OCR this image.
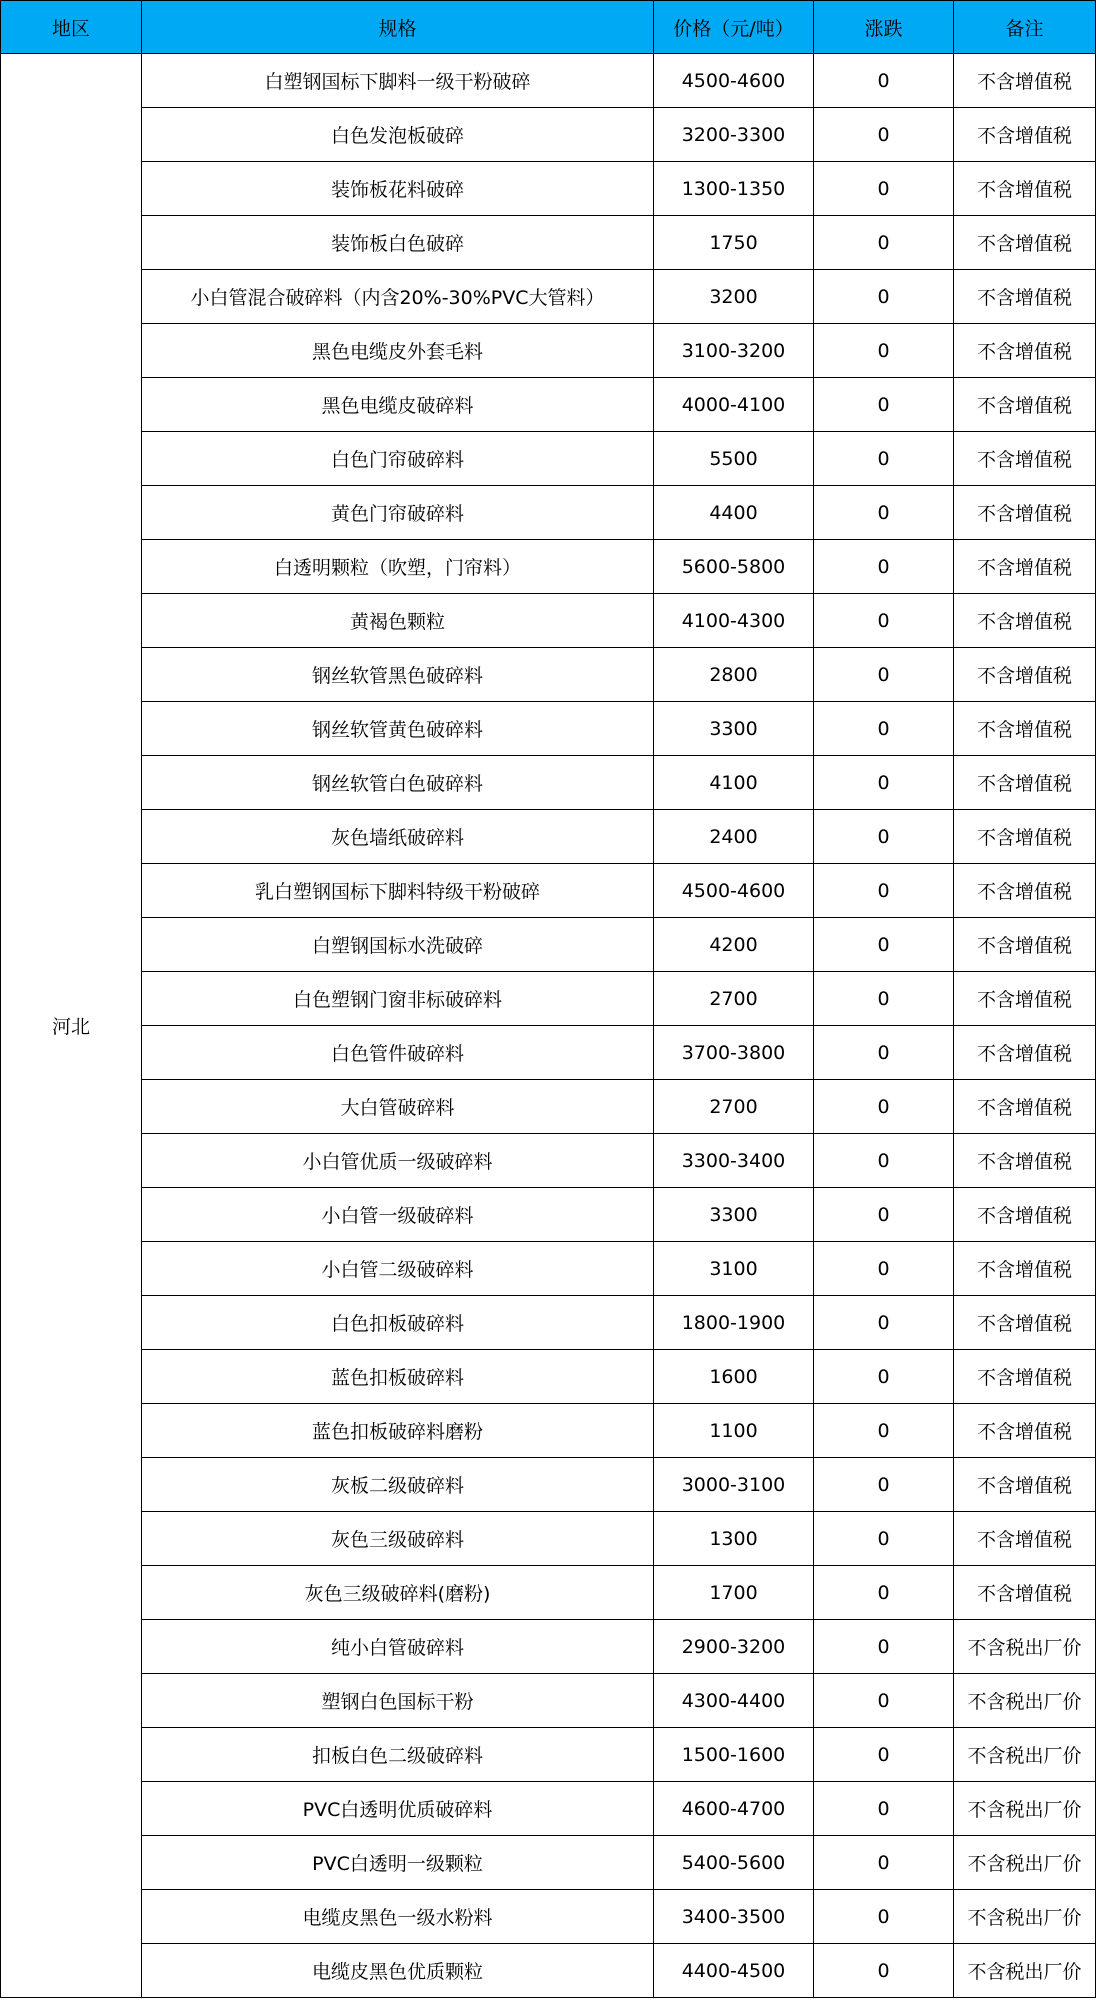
地区	规格	价格（元/吨）	涨跌	备注
河北	白塑钢国标下脚料一级干粉破碎	4500-4600	0	不含增值税
	白色发泡板破碎	3200-3300	0	不含增值税
	装饰板花料破碎	1300-1350	0	不含增值税
	装饰板白色破碎	1750	0	不含增值税
	小白管混合破碎料（内含20%-30%PVC大管料）	3200	0	不含增值税
	黑色电缆皮外套毛料	3100-3200	0	不含增值税
	黑色电缆皮破碎料	4000-4100	0	不含增值税
	白色门帘破碎料	5500	0	不含增值税
	黄色门帘破碎料	4400	0	不含增值税
	白透明颗粒（吹塑，门帘料）	5600-5800	0	不含增值税
	黄褐色颗粒	4100-4300	0	不含增值税
	钢丝软管黑色破碎料	2800	0	不含增值税
	钢丝软管黄色破碎料	3300	0	不含增值税
	钢丝软管白色破碎料	4100	0	不含增值税
	灰色墙纸破碎料	2400	0	不含增值税
	乳白塑钢国标下脚料特级干粉破碎	4500-4600	0	不含增值税
	白塑钢国标水洗破碎	4200	0	不含增值税
	白色塑钢门窗非标破碎料	2700	0	不含增值税
	白色管件破碎料	3700-3800	0	不含增值税
	大白管破碎料	2700	0	不含增值税
	小白管优质一级破碎料	3300-3400	0	不含增值税
	小白管一级破碎料	3300	0	不含增值税
	小白管二级破碎料	3100	0	不含增值税
	白色扣板破碎料	1800-1900	0	不含增值税
	蓝色扣板破碎料	1600	0	不含增值税
	蓝色扣板破碎料磨粉	1100	0	不含增值税
	灰板二级破碎料	3000-3100	0	不含增值税
	灰色三级破碎料	1300	0	不含增值税
	灰色三级破碎料(磨粉)	1700	0	不含增值税
	纯小白管破碎料	2900-3200	0	不含税出厂价
	塑钢白色国标干粉	4300-4400	0	不含税出厂价
	扣板白色二级破碎料	1500-1600	0	不含税出厂价
	PVC白透明优质破碎料	4600-4700	0	不含税出厂价
	PVC白透明一级颗粒	5400-5600	0	不含税出厂价
	电缆皮黑色一级水粉料	3400-3500	0	不含税出厂价
	电缆皮黑色优质颗粒	4400-4500	0	不含税出厂价
